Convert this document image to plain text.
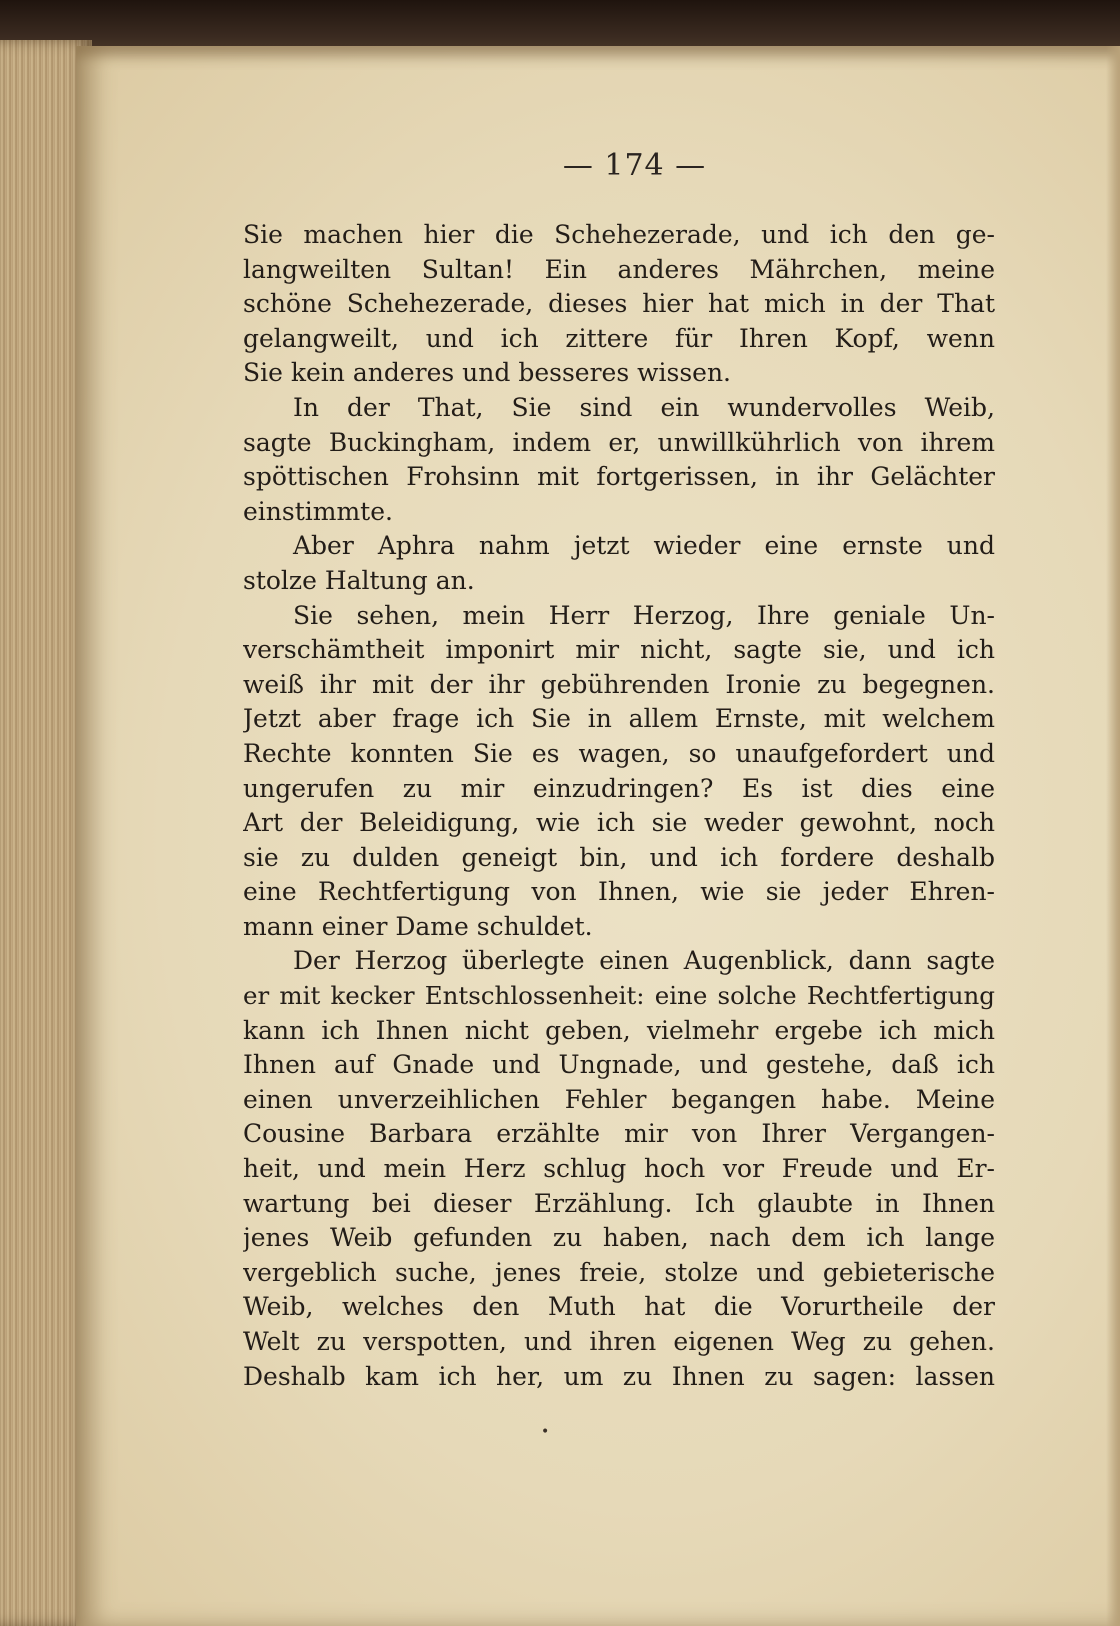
— 174 —
Sie machen hier die Schehezerade, und ich den ge-
langweilten Sultan! Ein anderes Mährchen, meine
schöne Schehezerade, dieses hier hat mich in der That
gelangweilt, und ich zittere für Ihren Kopf, wenn
Sie kein anderes und besseres wissen.
In der That, Sie sind ein wundervolles Weib,
sagte Buckingham, indem er, unwillkührlich von ihrem
spöttischen Frohsinn mit fortgerissen, in ihr Gelächter
einstimmte.
Aber Aphra nahm jetzt wieder eine ernste und
stolze Haltung an.
Sie sehen, mein Herr Herzog, Ihre geniale Un-
verschämtheit imponirt mir nicht, sagte sie, und ich
weiß ihr mit der ihr gebührenden Ironie zu begegnen.
Jetzt aber frage ich Sie in allem Ernste, mit welchem
Rechte konnten Sie es wagen, so unaufgefordert und
ungerufen zu mir einzudringen? Es ist dies eine
Art der Beleidigung, wie ich sie weder gewohnt, noch
sie zu dulden geneigt bin, und ich fordere deshalb
eine Rechtfertigung von Ihnen, wie sie jeder Ehren-
mann einer Dame schuldet.
Der Herzog überlegte einen Augenblick, dann sagte
er mit kecker Entschlossenheit: eine solche Rechtfertigung
kann ich Ihnen nicht geben, vielmehr ergebe ich mich
Ihnen auf Gnade und Ungnade, und gestehe, daß ich
einen unverzeihlichen Fehler begangen habe. Meine
Cousine Barbara erzählte mir von Ihrer Vergangen-
heit, und mein Herz schlug hoch vor Freude und Er-
wartung bei dieser Erzählung. Ich glaubte in Ihnen
jenes Weib gefunden zu haben, nach dem ich lange
vergeblich suche, jenes freie, stolze und gebieterische
Weib, welches den Muth hat die Vorurtheile der
Welt zu verspotten, und ihren eigenen Weg zu gehen.
Deshalb kam ich her, um zu Ihnen zu sagen: lassen
•
